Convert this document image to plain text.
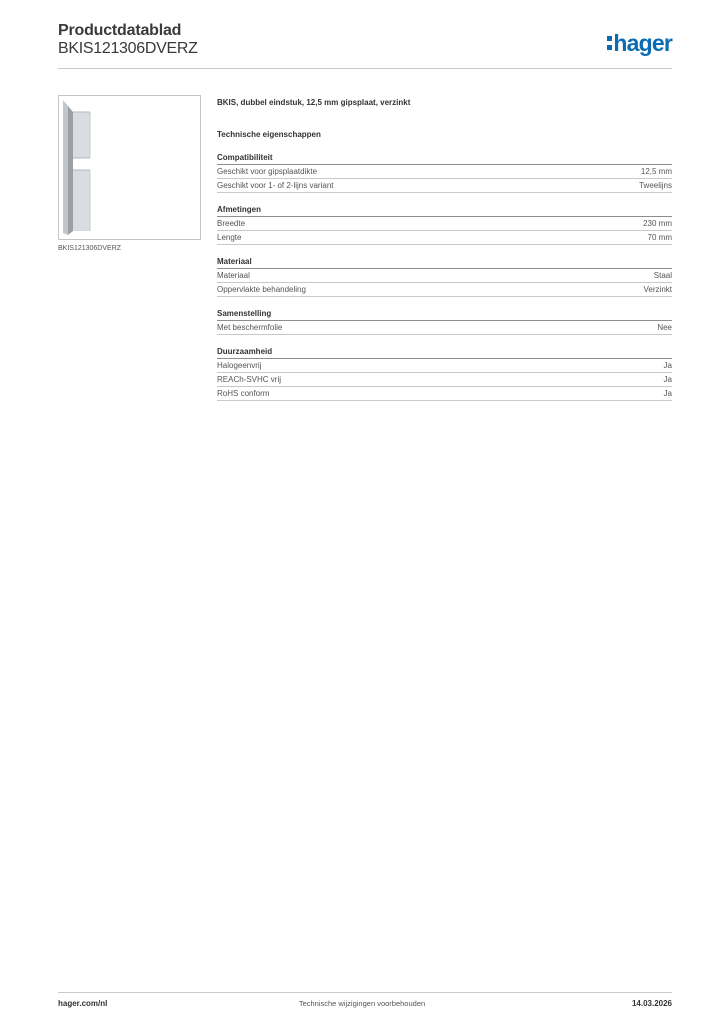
Productdatablad
BKIS121306DVERZ	hager
BKIS121306DVERZ
BKIS, dubbel eindstuk, 12,5 mm gipsplaat, verzinkt
Technische eigenschappen
Compatibiliteit
Geschikt voor gipsplaatdikte	12,5 mm
Geschikt voor 1- of 2-lijns variant	Tweelijns
Afmetingen
Breedte	230 mm
Lengte	70 mm
Materiaal
Materiaal	Staal
Oppervlakte behandeling	Verzinkt
Samenstelling
Met beschermfolie	Nee
Duurzaamheid
Halogeenvrij	Ja
REACh-SVHC vrij	Ja
RoHS conform	Ja
hager.com/nl	Technische wijzigingen voorbehouden	14.03.2026
